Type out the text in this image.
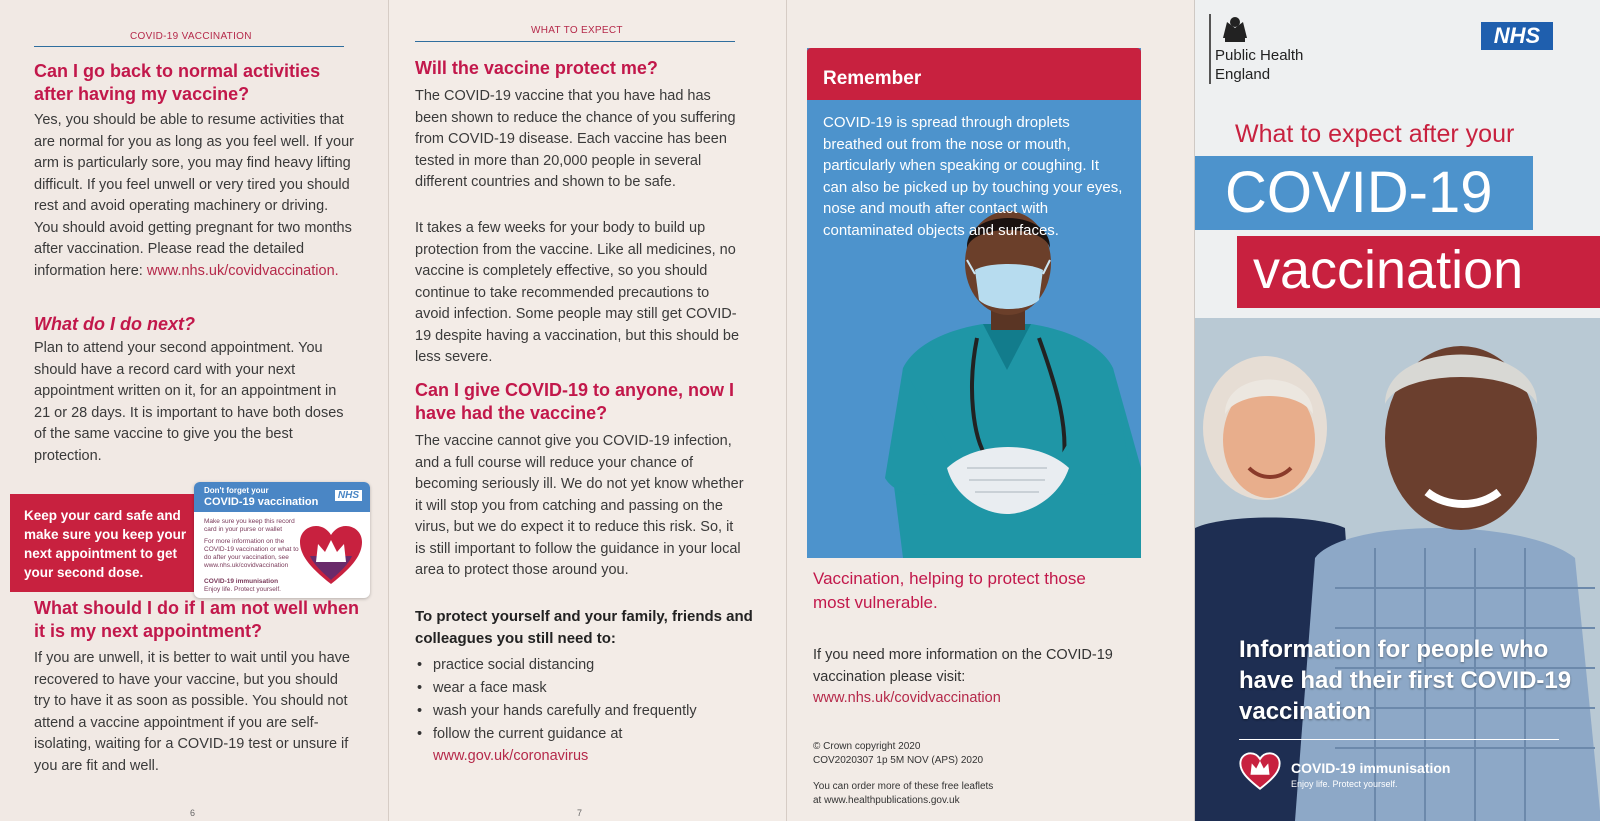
COVID-19 VACCINATION
Can I go back to normal activities after having my vaccine?
Yes, you should be able to resume activities that are normal for you as long as you feel well. If your arm is particularly sore, you may find heavy lifting difficult. If you feel unwell or very tired you should rest and avoid operating machinery or driving. You should avoid getting pregnant for two months after vaccination. Please read the detailed information here: www.nhs.uk/covidvaccination.
What do I do next?
Plan to attend your second appointment. You should have a record card with your next appointment written on it, for an appointment in 21 or 28 days. It is important to have both doses of the same vaccine to give you the best protection.
Keep your card safe and make sure you keep your next appointment to get your second dose.
Don't forget your
COVID-19 vaccination
NHS
Make sure you keep this record card in your purse or wallet
For more information on the COVID-19 vaccination or what to do after your vaccination, see www.nhs.uk/covidvaccination
COVID-19 immunisation
Enjoy life. Protect yourself.
What should I do if I am not well when it is my next appointment?
If you are unwell, it is better to wait until you have recovered to have your vaccine, but you should try to have it as soon as possible. You should not attend a vaccine appointment if you are self-isolating, waiting for a COVID-19 test or unsure if you are fit and well.
6
WHAT TO EXPECT
Will the vaccine protect me?
The COVID-19 vaccine that you have had has been shown to reduce the chance of you suffering from COVID-19 disease. Each vaccine has been tested in more than 20,000 people in several different countries and shown to be safe.
It takes a few weeks for your body to build up protection from the vaccine. Like all medicines, no vaccine is completely effective, so you should continue to take recommended precautions to avoid infection. Some people may still get COVID-19 despite having a vaccination, but this should be less severe.
Can I give COVID-19 to anyone, now I have had the vaccine?
The vaccine cannot give you COVID-19 infection, and a full course will reduce your chance of becoming seriously ill. We do not yet know whether it will stop you from catching and passing on the virus, but we do expect it to reduce this risk. So, it is still important to follow the guidance in your local area to protect those around you.
To protect yourself and your family, friends and colleagues you still need to:
• practice social distancing
• wear a face mask
• wash your hands carefully and frequently
• follow the current guidance at
www.gov.uk/coronavirus
7
Remember
COVID-19 is spread through droplets breathed out from the nose or mouth, particularly when speaking or coughing. It can also be picked up by touching your eyes, nose and mouth after contact with contaminated objects and surfaces.
Vaccination, helping to protect those most vulnerable.
If you need more information on the COVID-19 vaccination please visit:
www.nhs.uk/covidvaccination
© Crown copyright 2020
COV2020307 1p 5M NOV (APS) 2020
You can order more of these free leaflets
at www.healthpublications.gov.uk
Public Health
England
NHS
What to expect after your
COVID-19
vaccination
Information for people who have had their first COVID-19 vaccination
COVID-19 immunisation
Enjoy life. Protect yourself.
